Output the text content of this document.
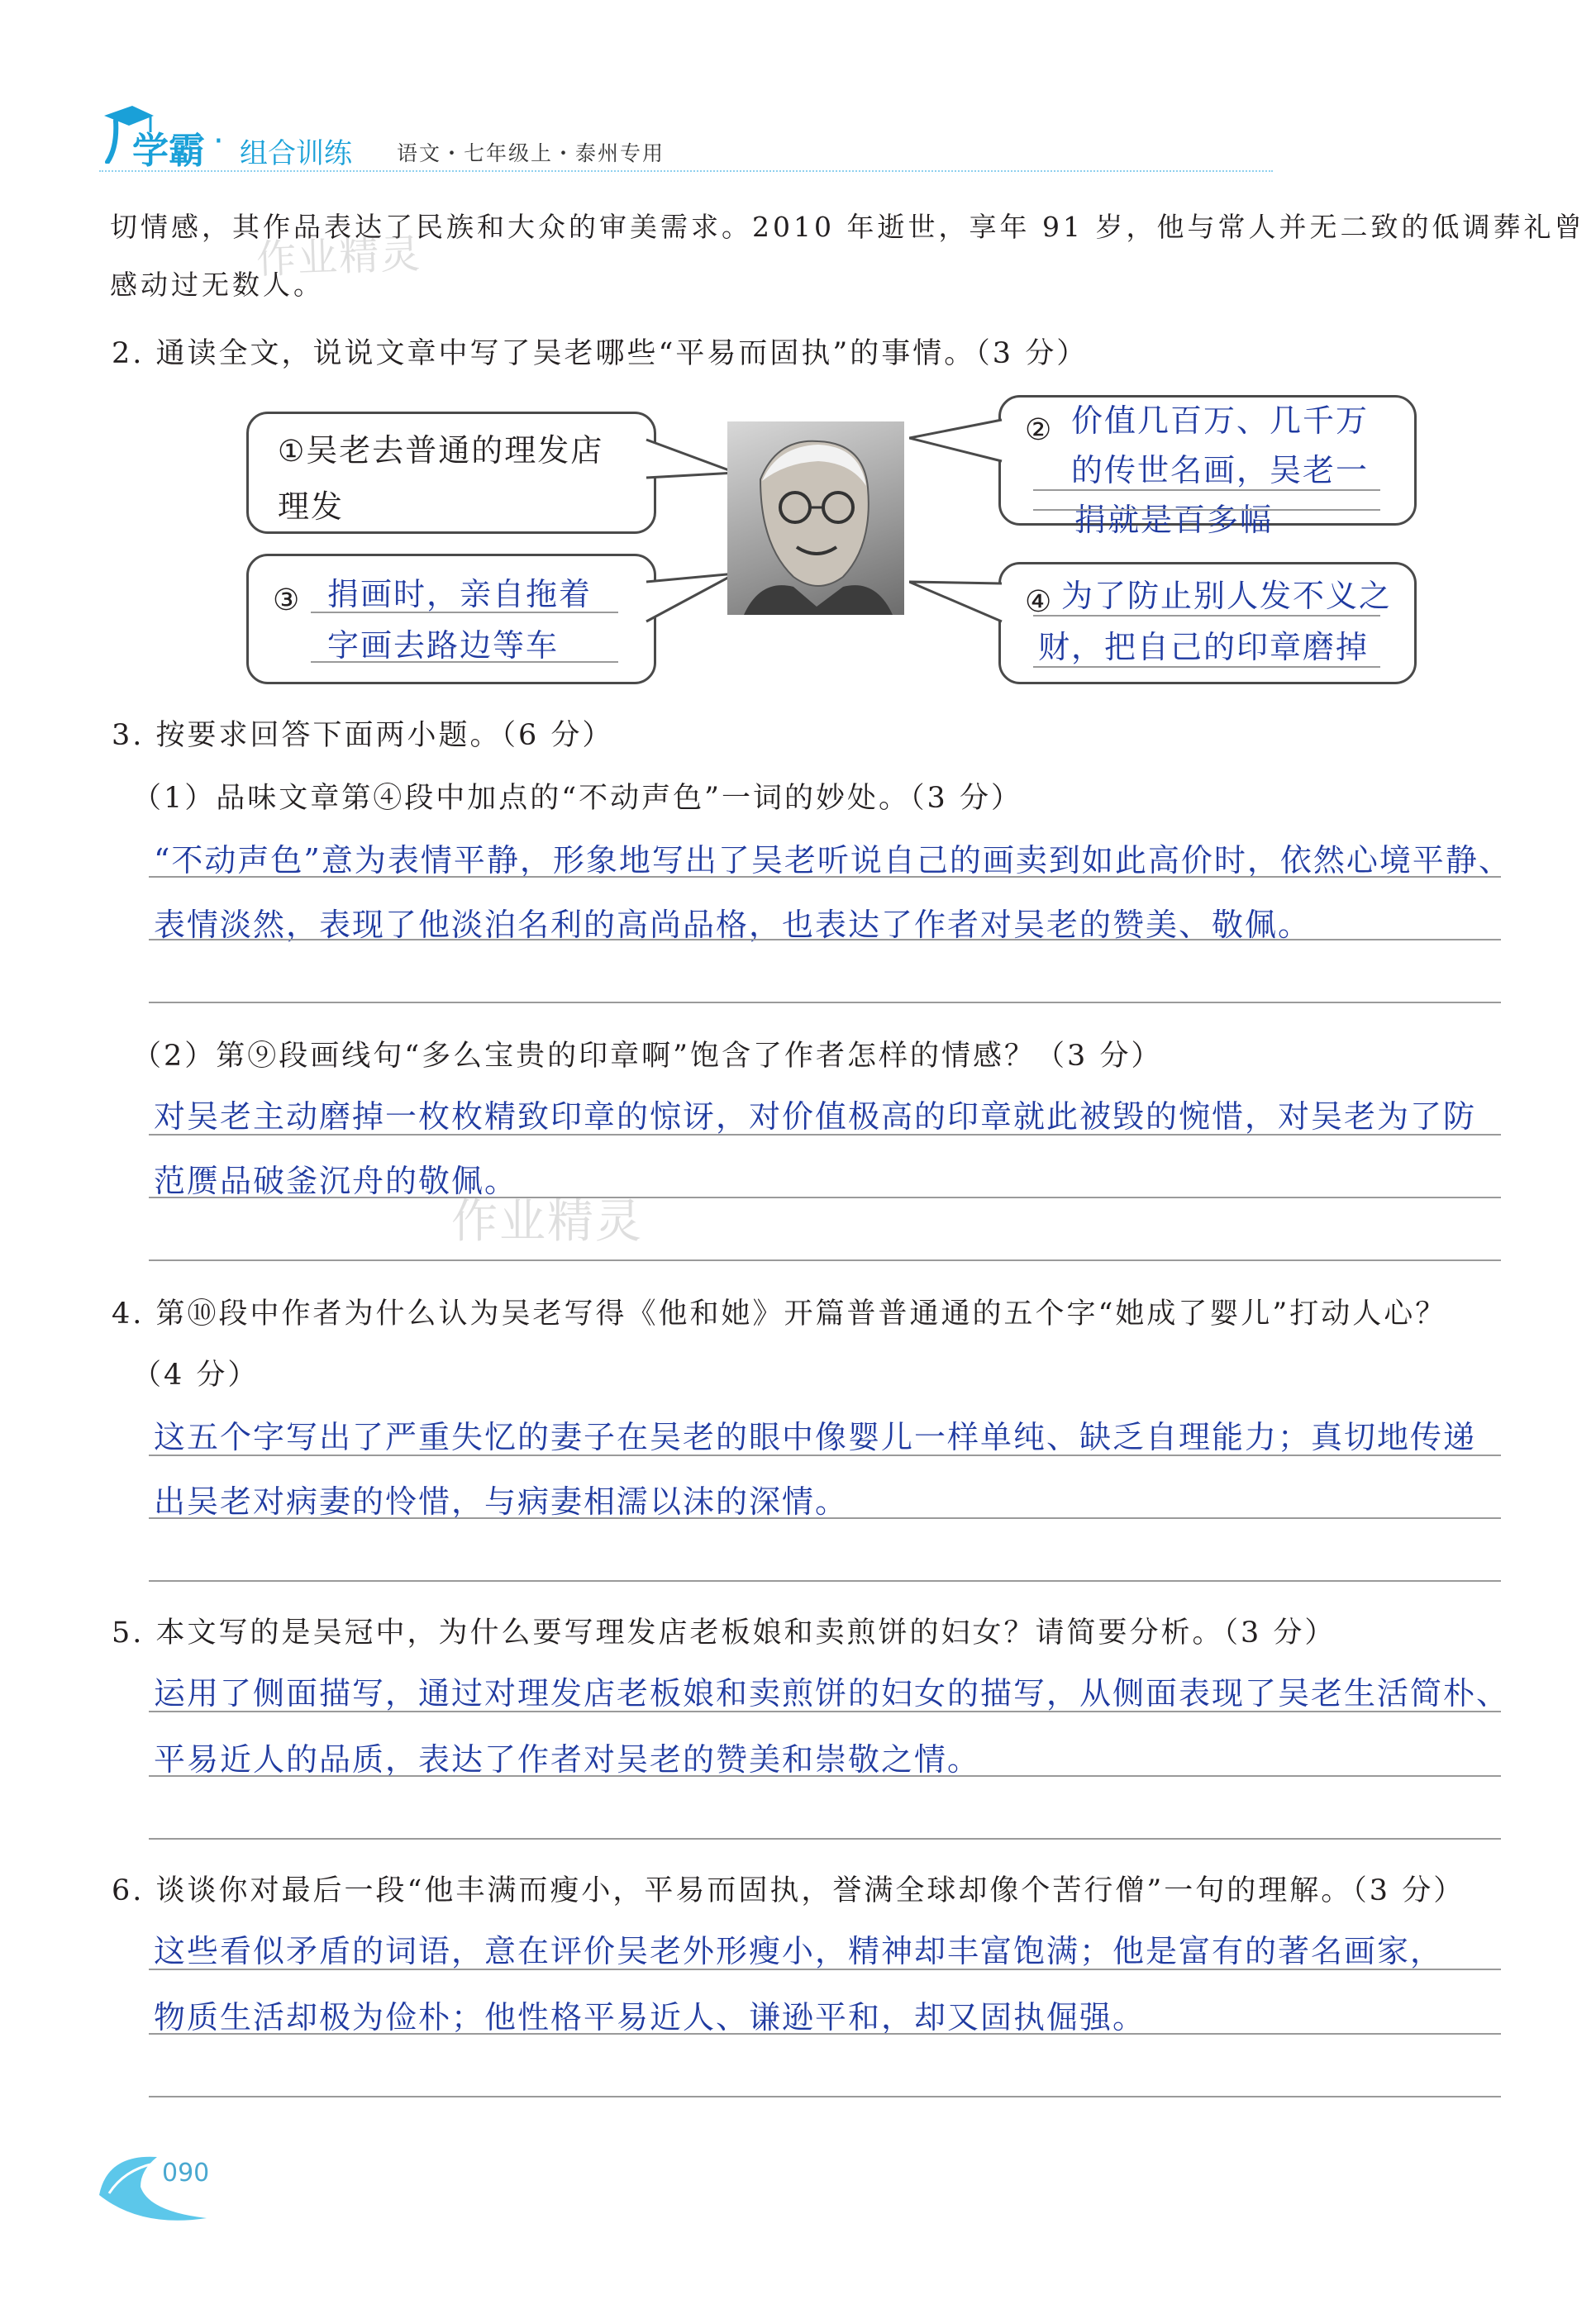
学霸 · 组合训练 语文・七年级上・泰州专用
切情感，其作品表达了民族和大众的审美需求。2010 年逝世，享年 91 岁，他与常人并无二致的低调葬礼曾
感动过无数人。
2. 通读全文，说说文章中写了吴老哪些“平易而固执”的事情。（3 分）
①吴老去普通的理发店
理发
③ 捐画时，亲自拖着
字画去路边等车
② 价值几百万、几千万
的传世名画，吴老一
捐就是百多幅
④ 为了防止别人发不义之
财，把自己的印章磨掉
3. 按要求回答下面两小题。（6 分）
（1）品味文章第④段中加点的“不动声色”一词的妙处。（3 分）
“不动声色”意为表情平静，形象地写出了吴老听说自己的画卖到如此高价时，依然心境平静、
表情淡然，表现了他淡泊名利的高尚品格，也表达了作者对吴老的赞美、敬佩。
（2）第⑨段画线句“多么宝贵的印章啊”饱含了作者怎样的情感？（3 分）
对吴老主动磨掉一枚枚精致印章的惊讶，对价值极高的印章就此被毁的惋惜，对吴老为了防
范赝品破釜沉舟的敬佩。
4. 第⑩段中作者为什么认为吴老写得《他和她》开篇普普通通的五个字“她成了婴儿”打动人心？
（4 分）
这五个字写出了严重失忆的妻子在吴老的眼中像婴儿一样单纯、缺乏自理能力；真切地传递
出吴老对病妻的怜惜，与病妻相濡以沫的深情。
5. 本文写的是吴冠中，为什么要写理发店老板娘和卖煎饼的妇女？请简要分析。（3 分）
运用了侧面描写，通过对理发店老板娘和卖煎饼的妇女的描写，从侧面表现了吴老生活简朴、
平易近人的品质，表达了作者对吴老的赞美和崇敬之情。
6. 谈谈你对最后一段“他丰满而瘦小，平易而固执，誉满全球却像个苦行僧”一句的理解。（3 分）
这些看似矛盾的词语，意在评价吴老外形瘦小，精神却丰富饱满；他是富有的著名画家，
物质生活却极为俭朴；他性格平易近人、谦逊平和，却又固执倔强。
作业精灵
作业精灵
090
